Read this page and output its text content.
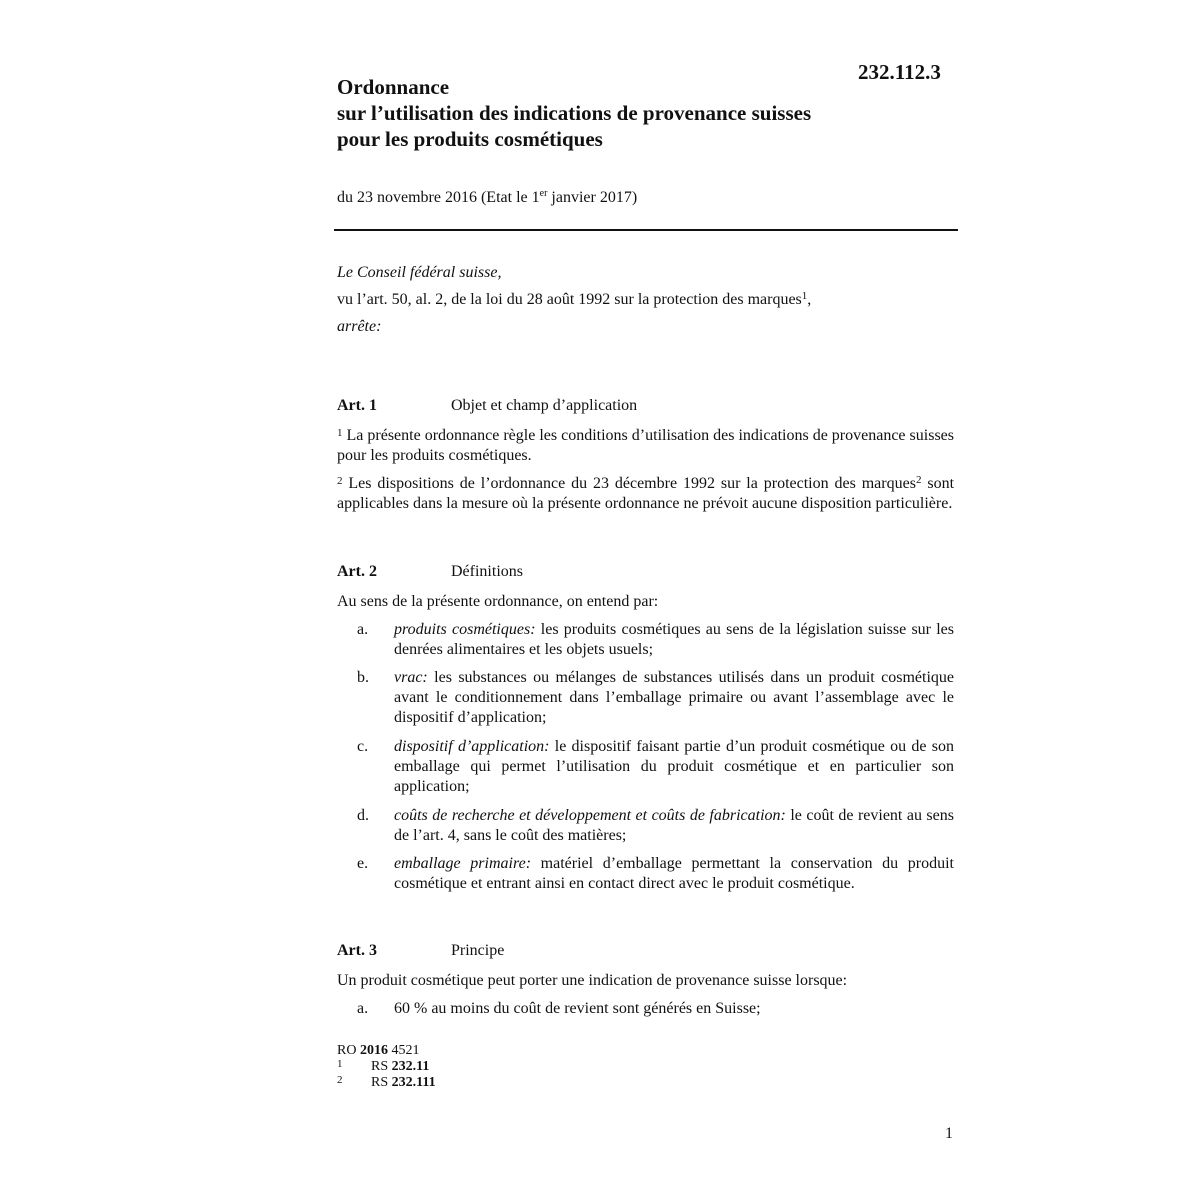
232.112.3
Ordonnance
sur l’utilisation des indications de provenance suisses
pour les produits cosmétiques
du 23 novembre 2016 (Etat le 1er janvier 2017)
Le Conseil fédéral suisse,
vu l’art. 50, al. 2, de la loi du 28 août 1992 sur la protection des marques$^1$,
arrête:
Art. 1	Objet et champ d’application
$^1$ La présente ordonnance règle les conditions d’utilisation des indications de provenance suisses pour les produits cosmétiques.
$^2$ Les dispositions de l’ordonnance du 23 décembre 1992 sur la protection des marques$^2$ sont applicables dans la mesure où la présente ordonnance ne prévoit aucune disposition particulière.
Art. 2	Définitions
Au sens de la présente ordonnance, on entend par:
a. produits cosmétiques: les produits cosmétiques au sens de la législation suisse sur les denrées alimentaires et les objets usuels;
b. vrac: les substances ou mélanges de substances utilisés dans un produit cosmétique avant le conditionnement dans l’emballage primaire ou avant l’assemblage avec le dispositif d’application;
c. dispositif d’application: le dispositif faisant partie d’un produit cosmétique ou de son emballage qui permet l’utilisation du produit cosmétique et en particulier son application;
d. coûts de recherche et développement et coûts de fabrication: le coût de revient au sens de l’art. 4, sans le coût des matières;
e. emballage primaire: matériel d’emballage permettant la conservation du produit cosmétique et entrant ainsi en contact direct avec le produit cosmétique.
Art. 3	Principe
Un produit cosmétique peut porter une indication de provenance suisse lorsque:
a. 60 % au moins du coût de revient sont générés en Suisse;
RO 2016 4521
1 RS 232.11
2 RS 232.111
1
